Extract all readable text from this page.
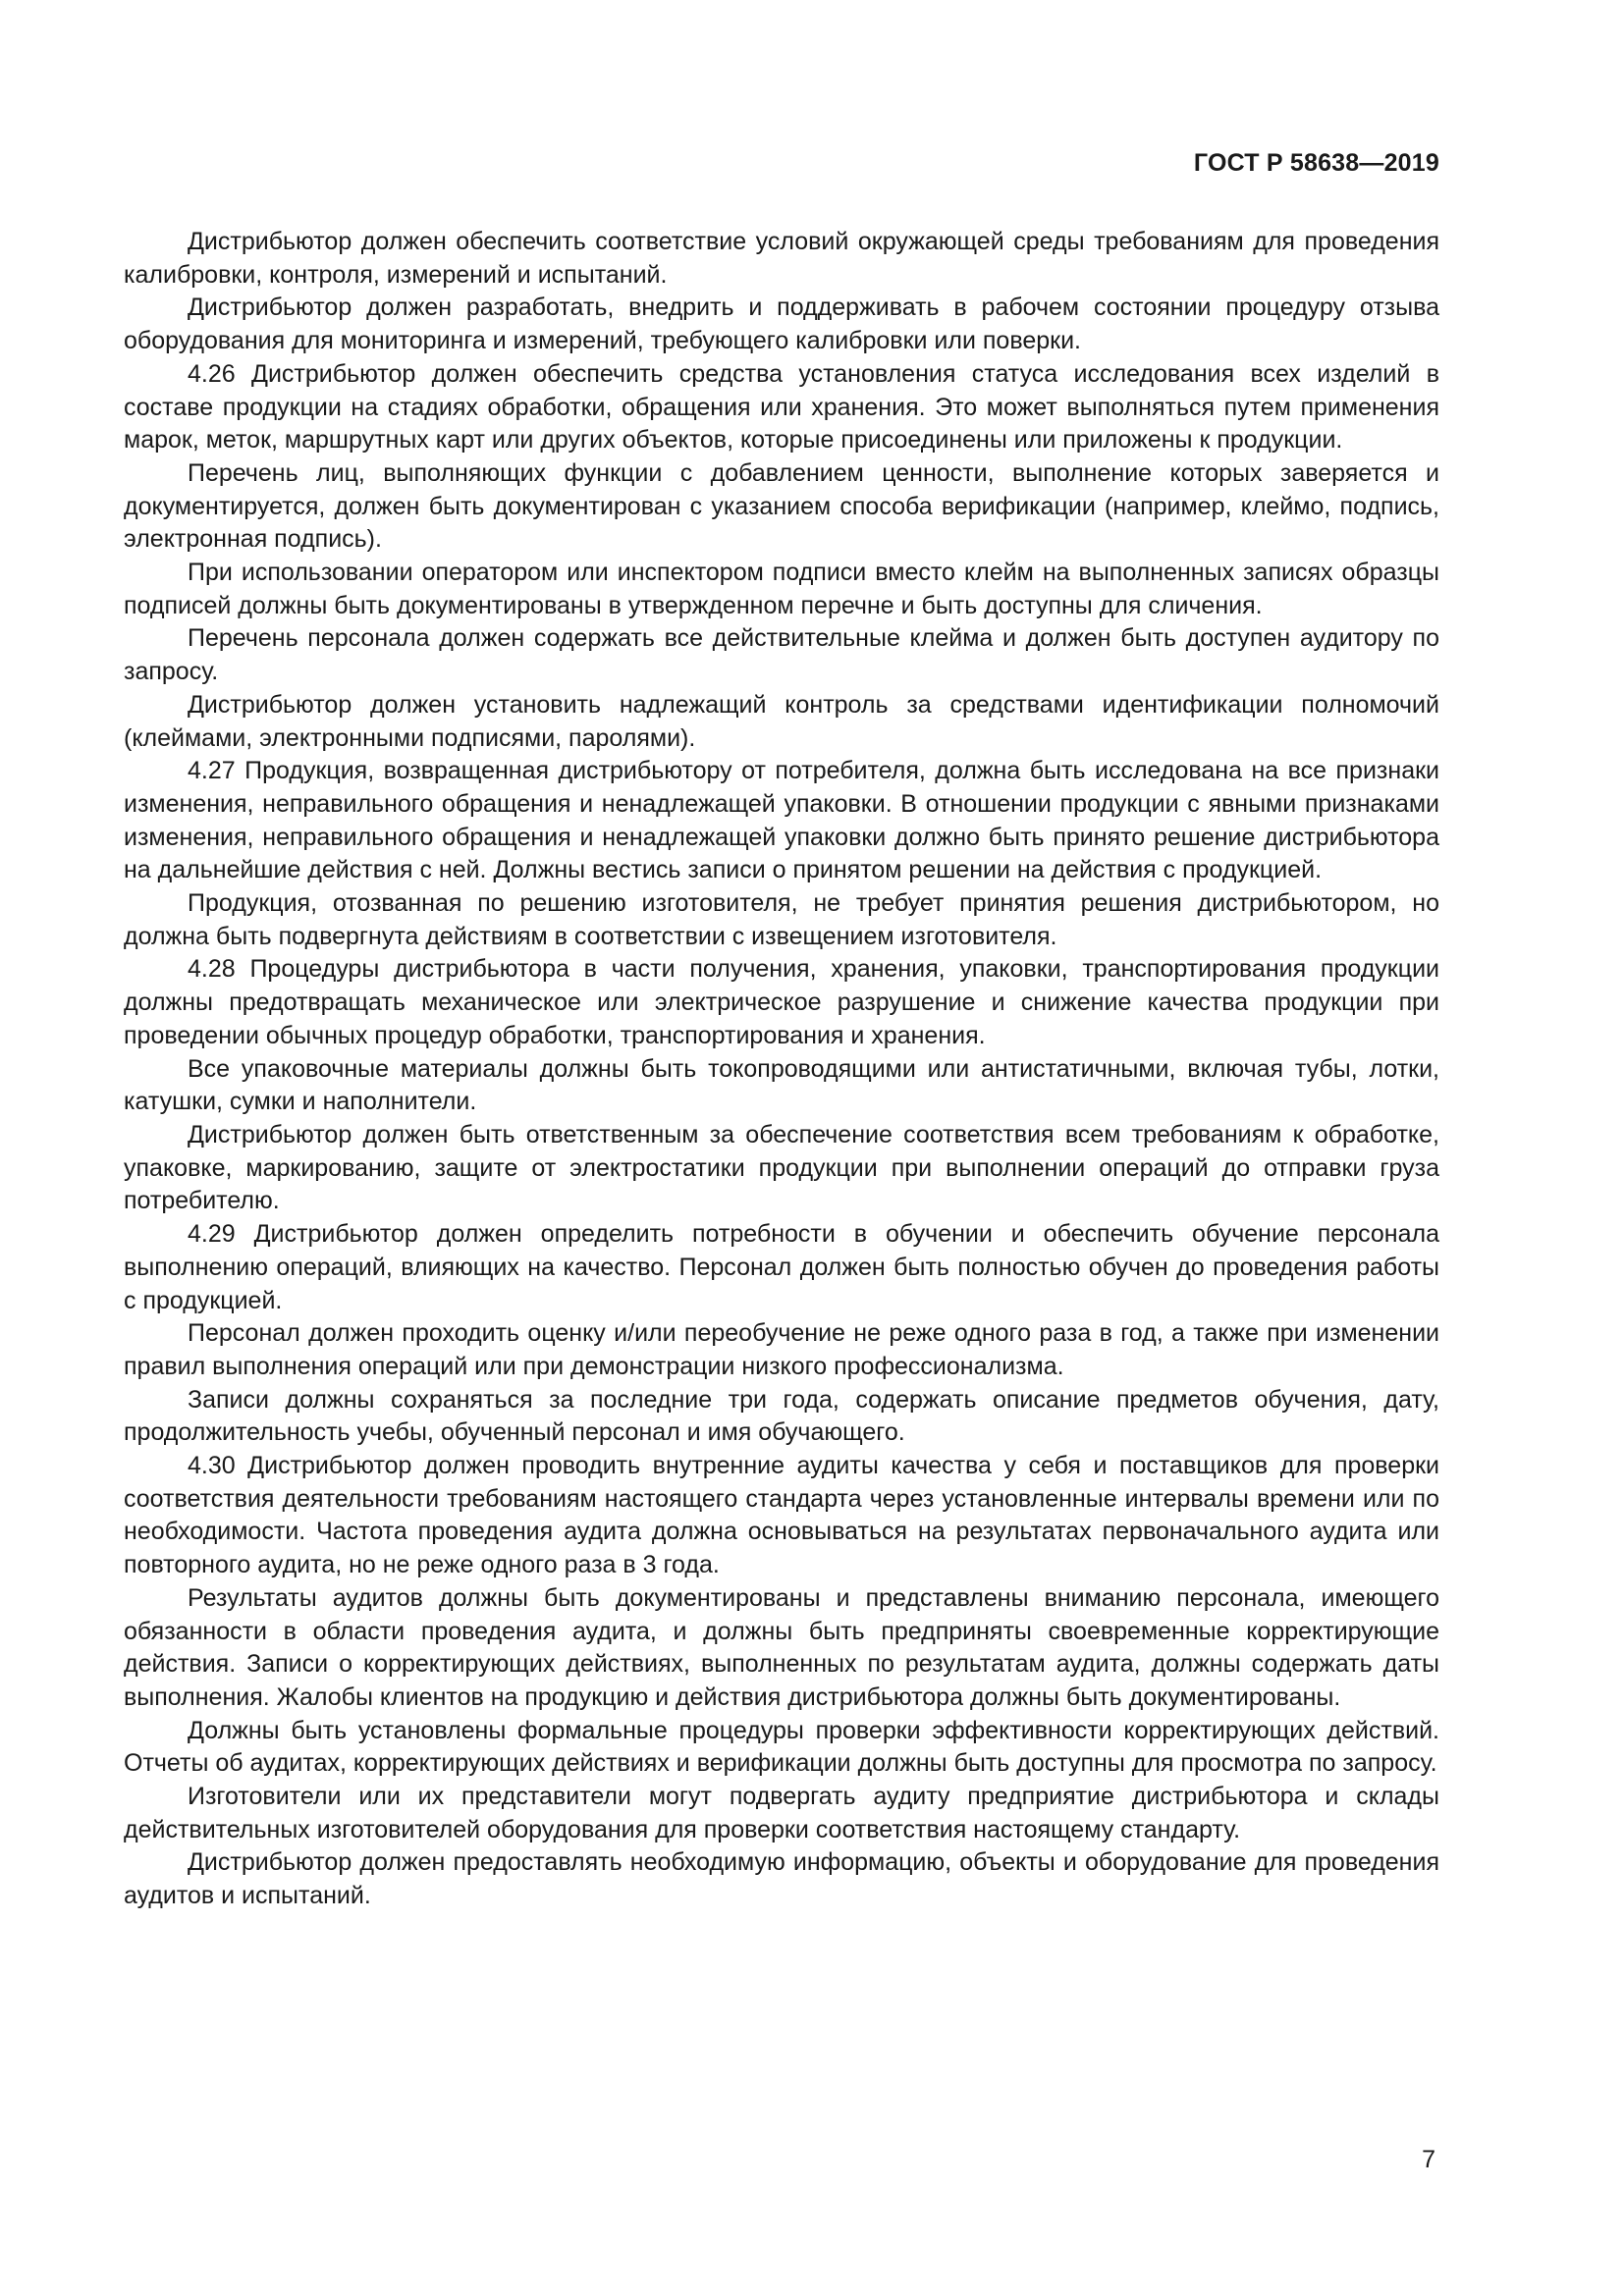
ГОСТ Р 58638—2019

Дистрибьютор должен обеспечить соответствие условий окружающей среды требованиям для проведения калибровки, контроля, измерений и испытаний.

Дистрибьютор должен разработать, внедрить и поддерживать в рабочем состоянии процедуру отзыва оборудования для мониторинга и измерений, требующего калибровки или поверки.

4.26 Дистрибьютор должен обеспечить средства установления статуса исследования всех изделий в составе продукции на стадиях обработки, обращения или хранения. Это может выполняться путем применения марок, меток, маршрутных карт или других объектов, которые присоединены или приложены к продукции.

Перечень лиц, выполняющих функции с добавлением ценности, выполнение которых заверяется и документируется, должен быть документирован с указанием способа верификации (например, клеймо, подпись, электронная подпись).

При использовании оператором или инспектором подписи вместо клейм на выполненных записях образцы подписей должны быть документированы в утвержденном перечне и быть доступны для сличения.

Перечень персонала должен содержать все действительные клейма и должен быть доступен аудитору по запросу.

Дистрибьютор должен установить надлежащий контроль за средствами идентификации полномочий (клеймами, электронными подписями, паролями).

4.27 Продукция, возвращенная дистрибьютору от потребителя, должна быть исследована на все признаки изменения, неправильного обращения и ненадлежащей упаковки. В отношении продукции с явными признаками изменения, неправильного обращения и ненадлежащей упаковки должно быть принято решение дистрибьютора на дальнейшие действия с ней. Должны вестись записи о принятом решении на действия с продукцией.

Продукция, отозванная по решению изготовителя, не требует принятия решения дистрибьютором, но должна быть подвергнута действиям в соответствии с извещением изготовителя.

4.28 Процедуры дистрибьютора в части получения, хранения, упаковки, транспортирования продукции должны предотвращать механическое или электрическое разрушение и снижение качества продукции при проведении обычных процедур обработки, транспортирования и хранения.

Все упаковочные материалы должны быть токопроводящими или антистатичными, включая тубы, лотки, катушки, сумки и наполнители.

Дистрибьютор должен быть ответственным за обеспечение соответствия всем требованиям к обработке, упаковке, маркированию, защите от электростатики продукции при выполнении операций до отправки груза потребителю.

4.29 Дистрибьютор должен определить потребности в обучении и обеспечить обучение персонала выполнению операций, влияющих на качество. Персонал должен быть полностью обучен до проведения работы с продукцией.

Персонал должен проходить оценку и/или переобучение не реже одного раза в год, а также при изменении правил выполнения операций или при демонстрации низкого профессионализма.

Записи должны сохраняться за последние три года, содержать описание предметов обучения, дату, продолжительность учебы, обученный персонал и имя обучающего.

4.30 Дистрибьютор должен проводить внутренние аудиты качества у себя и поставщиков для проверки соответствия деятельности требованиям настоящего стандарта через установленные интервалы времени или по необходимости. Частота проведения аудита должна основываться на результатах первоначального аудита или повторного аудита, но не реже одного раза в 3 года.

Результаты аудитов должны быть документированы и представлены вниманию персонала, имеющего обязанности в области проведения аудита, и должны быть предприняты своевременные корректирующие действия. Записи о корректирующих действиях, выполненных по результатам аудита, должны содержать даты выполнения. Жалобы клиентов на продукцию и действия дистрибьютора должны быть документированы.

Должны быть установлены формальные процедуры проверки эффективности корректирующих действий. Отчеты об аудитах, корректирующих действиях и верификации должны быть доступны для просмотра по запросу.

Изготовители или их представители могут подвергать аудиту предприятие дистрибьютора и склады действительных изготовителей оборудования для проверки соответствия настоящему стандарту.

Дистрибьютор должен предоставлять необходимую информацию, объекты и оборудование для проведения аудитов и испытаний.

7
